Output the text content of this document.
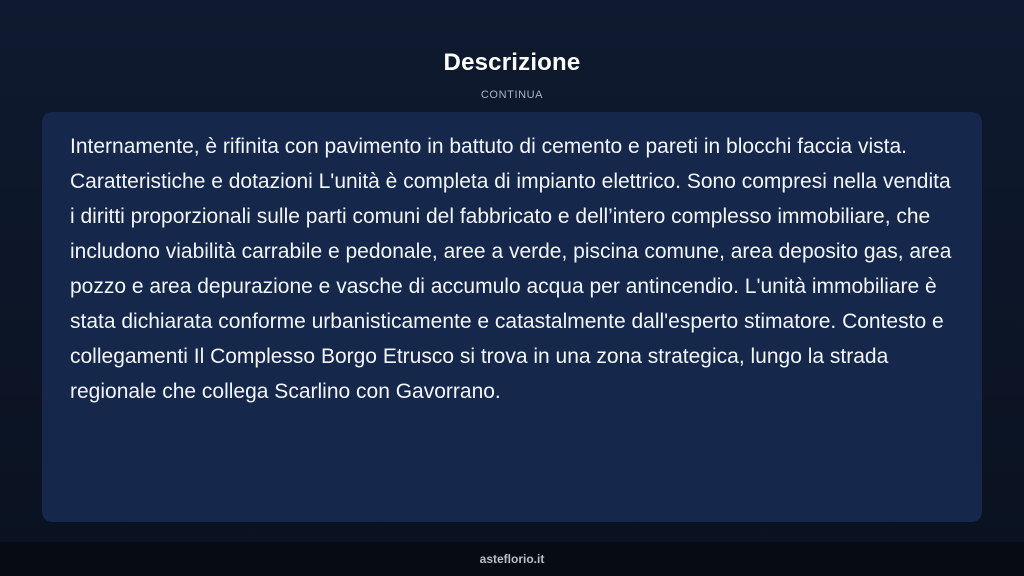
Descrizione
CONTINUA

Internamente, è rifinita con pavimento in battuto di cemento e pareti in blocchi faccia vista. Caratteristiche e dotazioni L'unità è completa di impianto elettrico. Sono compresi nella vendita i diritti proporzionali sulle parti comuni del fabbricato e dell’intero complesso immobiliare, che includono viabilità carrabile e pedonale, aree a verde, piscina comune, area deposito gas, area pozzo e area depurazione e vasche di accumulo acqua per antincendio. L'unità immobiliare è stata dichiarata conforme urbanisticamente e catastalmente dall'esperto stimatore. Contesto e collegamenti Il Complesso Borgo Etrusco si trova in una zona strategica, lungo la strada regionale che collega Scarlino con Gavorrano.

asteflorio.it
